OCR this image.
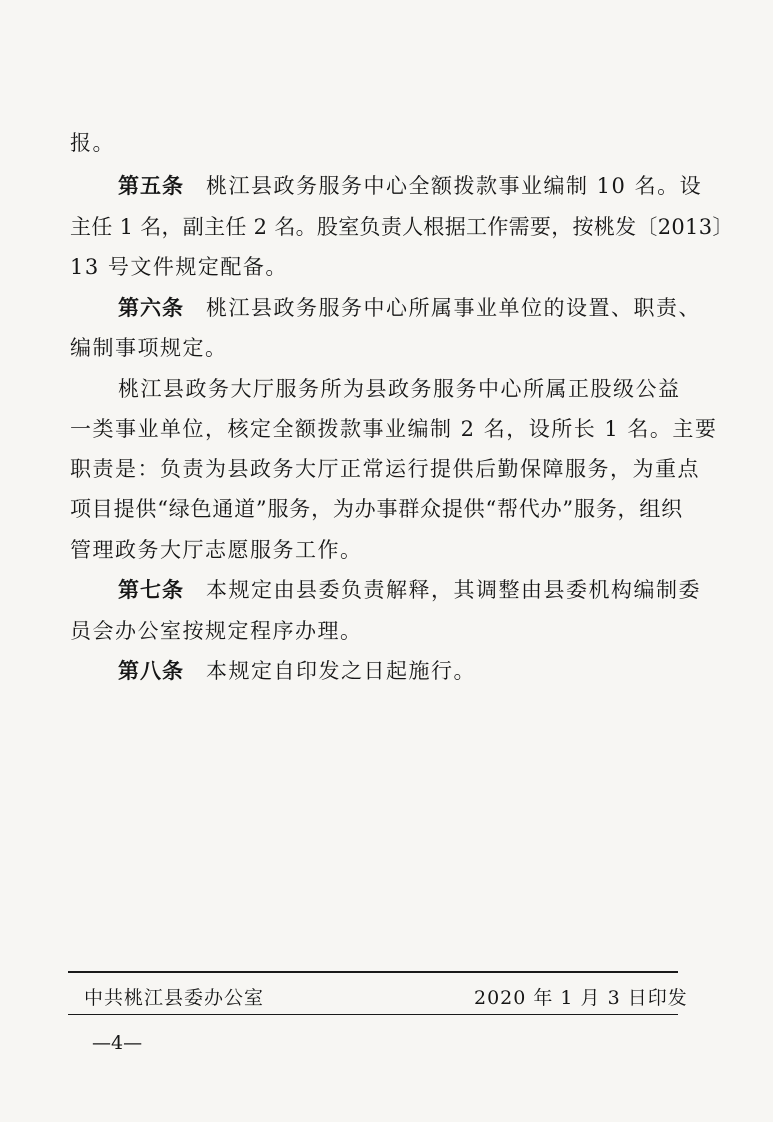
报。
第五条 桃江县政务服务中心全额拨款事业编制 10 名。设
主任 1 名，副主任 2 名。股室负责人根据工作需要，按桃发〔2013〕
13 号文件规定配备。
第六条 桃江县政务服务中心所属事业单位的设置、职责、
编制事项规定。
桃江县政务大厅服务所为县政务服务中心所属正股级公益
一类事业单位，核定全额拨款事业编制 2 名，设所长 1 名。主要
职责是：负责为县政务大厅正常运行提供后勤保障服务，为重点
项目提供“绿色通道”服务，为办事群众提供“帮代办”服务，组织
管理政务大厅志愿服务工作。
第七条 本规定由县委负责解释，其调整由县委机构编制委
员会办公室按规定程序办理。
第八条 本规定自印发之日起施行。
中共桃江县委办公室	2020 年 1 月 3 日印发
—4—
